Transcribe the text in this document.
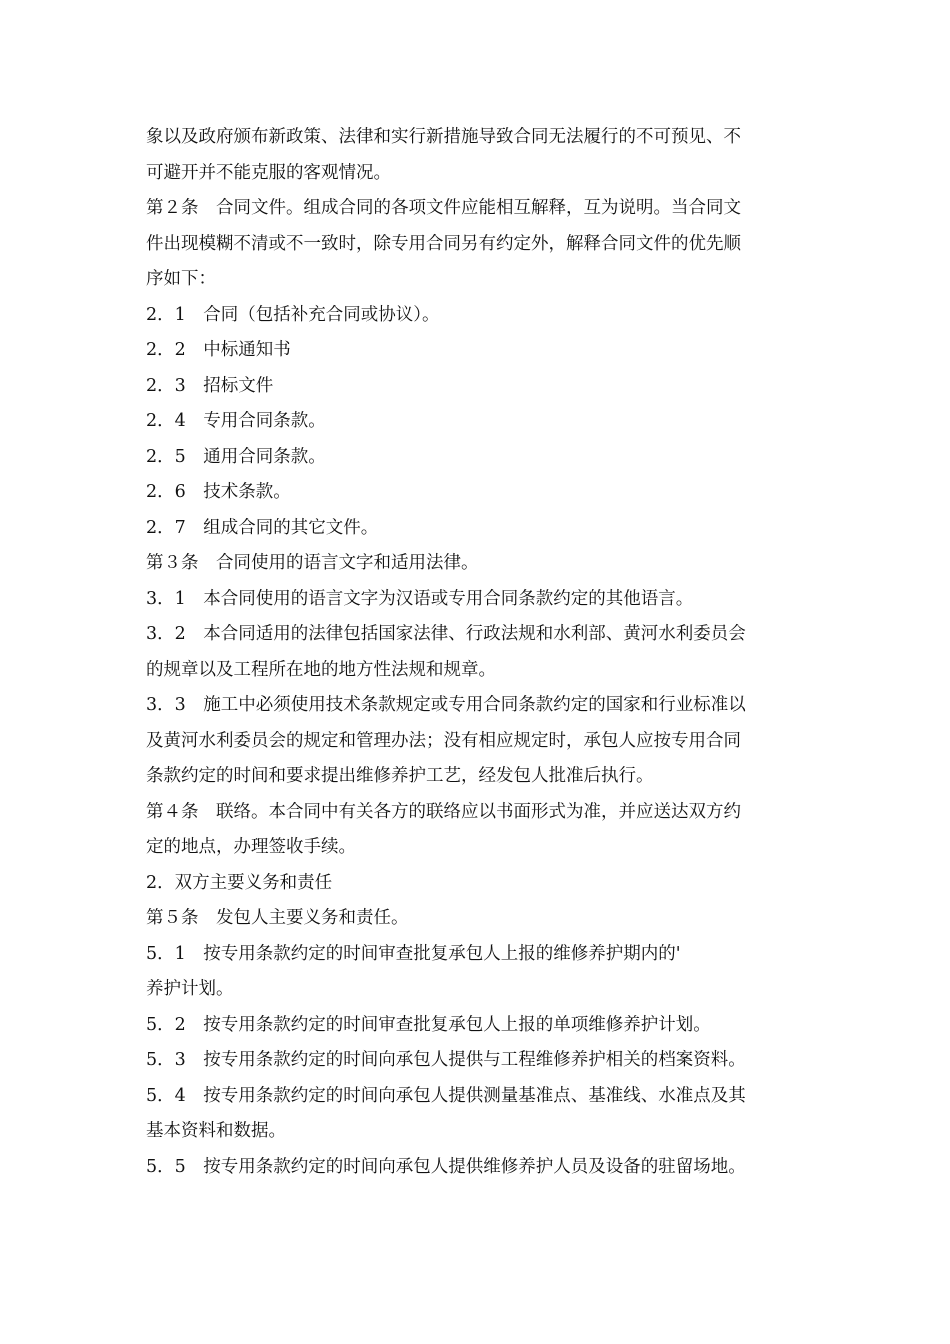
象以及政府颁布新政策、法律和实行新措施导致合同无法履行的不可预见、不
可避开并不能克服的客观情况。
第２条　合同文件。组成合同的各项文件应能相互解释，互为说明。当合同文
件出现模糊不清或不一致时，除专用合同另有约定外，解释合同文件的优先顺
序如下：
2．1　合同（包括补充合同或协议）。
2．2　中标通知书
2．3　招标文件
2．4　专用合同条款。
2．5　通用合同条款。
2．6　技术条款。
2．7　组成合同的其它文件。
第３条　合同使用的语言文字和适用法律。
3．1　本合同使用的语言文字为汉语或专用合同条款约定的其他语言。
3．2　本合同适用的法律包括国家法律、行政法规和水利部、黄河水利委员会
的规章以及工程所在地的地方性法规和规章。
3．3　施工中必须使用技术条款规定或专用合同条款约定的国家和行业标准以
及黄河水利委员会的规定和管理办法；没有相应规定时，承包人应按专用合同
条款约定的时间和要求提出维修养护工艺，经发包人批准后执行。
第４条　联络。本合同中有关各方的联络应以书面形式为准，并应送达双方约
定的地点，办理签收手续。
2．双方主要义务和责任
第５条　发包人主要义务和责任。
5．1　按专用条款约定的时间审查批复承包人上报的维修养护期内的'
养护计划。
5．2　按专用条款约定的时间审查批复承包人上报的单项维修养护计划。
5．3　按专用条款约定的时间向承包人提供与工程维修养护相关的档案资料。
5．4　按专用条款约定的时间向承包人提供测量基准点、基准线、水准点及其
基本资料和数据。
5．5　按专用条款约定的时间向承包人提供维修养护人员及设备的驻留场地。
